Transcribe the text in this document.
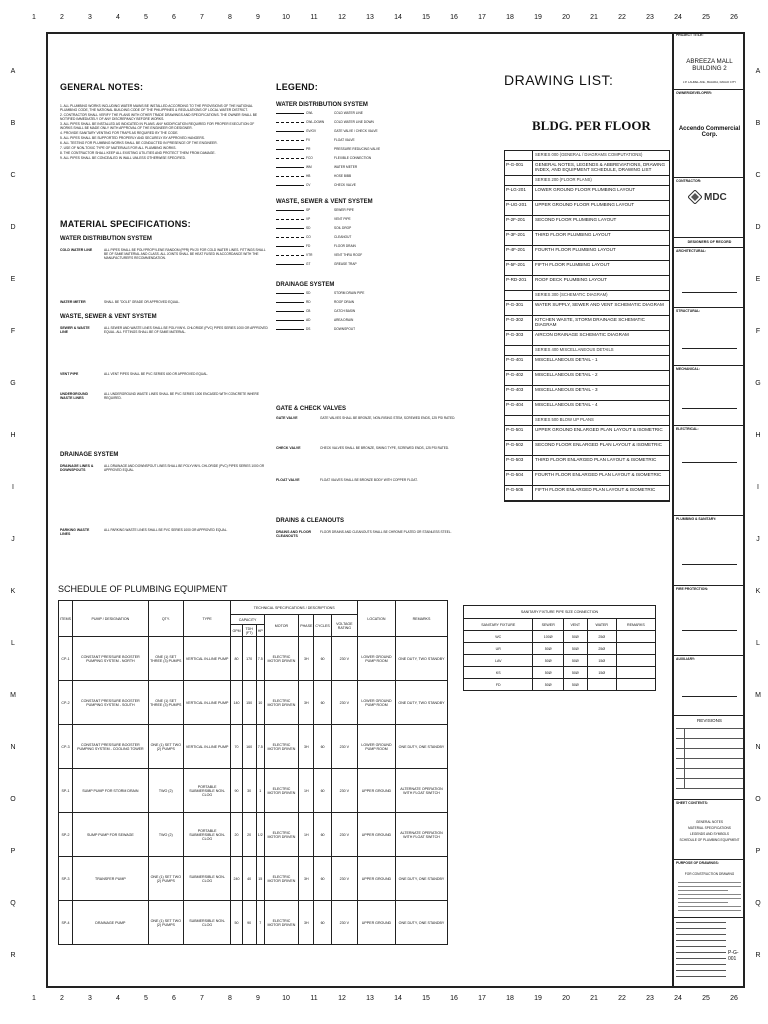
1	2	3	4	5	6	7	8	9	10	11	12	13	14	15	16	17	18	19	20	21	22	23	24	25	26
1	2	3	4	5	6	7	8	9	10	11	12	13	14	15	16	17	18	19	20	21	22	23	24	25	26
A
B
C
D
E
F
G
H
I
J
K
L
M
N
O
P
Q
R
A
B
C
D
E
F
G
H
I
J
K
L
M
N
O
P
Q
R
GENERAL NOTES:
1. ALL PLUMBING WORKS INCLUDING WATER MAINS BE INSTALLED ACCORDING TO THE PROVISIONS OF THE NATIONAL PLUMBING CODE, THE NATIONAL BUILDING CODE OF THE PHILIPPINES & REGULATIONS OF LOCAL WATER DISTRICT.
2. CONTRACTOR SHALL VERIFY THE PLANS WITH OTHER TRADE DRAWINGS AND SPECIFICATIONS. THE OWNER SHALL BE NOTIFIED IMMEDIATELY OF ANY DISCREPANCY BEFORE WORKS.
3. ALL PIPES SHALL BE INSTALLED AS INDICATED IN PLANS. ANY MODIFICATION REQUIRED FOR PROPER EXECUTION OF WORKS SHALL BE MADE ONLY WITH APPROVAL OF THE ENGINEER OR DESIGNER.
4. PROVIDE SANITARY VENTING FOR TRAPS AS REQUIRED BY THE CODE.
5. ALL PIPES SHALL BE SUPPORTED PROPERLY AND SECURELY BY APPROVED HANGERS.
6. ALL TESTING FOR PLUMBING WORKS SHALL BE CONDUCTED IN PRESENCE OF THE ENGINEER.
7. USE OF NON-TOXIC TYPE OF MATERIALS FOR ALL PLUMBING WORKS.
8. THE CONTRACTOR SHALL KEEP ALL EXISTING UTILITIES AND PROTECT THEM FROM DAMAGE.
9. ALL PIPES SHALL BE CONCEALED IN WALL UNLESS OTHERWISE SPECIFIED.
MATERIAL SPECIFICATIONS:
WATER DISTRIBUTION SYSTEM
COLD WATER LINE	ALL PIPES SHALL BE POLYPROPYLENE RANDOM (PPR) PN 20 FOR COLD WATER LINES. FITTINGS SHALL BE OF SAME MATERIAL AND CLASS. ALL JOINTS SHALL BE HEAT FUSED IN ACCORDANCE WITH THE MANUFACTURER'S RECOMMENDATION.
WATER METER	SHALL BE "DOLE" GRADE OR APPROVED EQUAL.
WASTE, SEWER & VENT SYSTEM
SEWER & WASTE LINE
ALL SEWER AND WASTE LINES SHALL BE POLYVINYL CHLORIDE (PVC) PIPES SERIES 1000 OR APPROVED EQUAL. ALL FITTINGS SHALL BE OF SAME MATERIAL.
VENT PIPE	ALL VENT PIPES SHALL BE PVC SERIES 600 OR APPROVED EQUAL.
UNDERGROUND WASTE LINES
ALL UNDERGROUND WASTE LINES SHALL BE PVC SERIES 1000 ENCASED WITH CONCRETE WHERE REQUIRED.
DRAINAGE SYSTEM
DRAINAGE LINES & DOWNSPOUTS
ALL DRAINAGE AND DOWNSPOUT LINES SHALL BE POLYVINYL CHLORIDE (PVC) PIPES SERIES 1000 OR APPROVED EQUAL.
PARKING WASTE LINES
ALL PARKING WASTE LINES SHALL BE PVC SERIES 1000 OR APPROVED EQUAL.
LEGEND:
WATER DISTRIBUTION SYSTEM
CWL	COLD WATER LINE
CWL-DOWN	COLD WATER LINE DOWN
GV/GV	GATE VALVE / CHECK VALVE
FV	FLOAT VALVE
PR	PRESSURE REDUCING VALVE
FCO	FLEXIBLE CONNECTION
WM	WATER METER
HB	HOSE BIBB
CV	CHECK VALVE
WASTE, SEWER & VENT SYSTEM
SP	SEWER PIPE
VP	VENT PIPE
SD	SOIL DROP
CO	CLEANOUT
FD	FLOOR DRAIN
VTR	VENT THRU ROOF
GT	GREASE TRAP
DRAINAGE SYSTEM
SD	STORM DRAIN PIPE
RD	ROOF DRAIN
CB	CATCH BASIN
AD	AREA DRAIN
DS	DOWNSPOUT
GATE & CHECK VALVES
GATE VALVE	GATE VALVES SHALL BE BRONZE, NON-RISING STEM, SCREWED ENDS, 125 PSI RATED.
CHECK VALVE	CHECK VALVES SHALL BE BRONZE, SWING TYPE, SCREWED ENDS, 125 PSI RATED.
FLOAT VALVE	FLOAT VALVES SHALL BE BRONZE BODY WITH COPPER FLOAT.
DRAINS & CLEANOUTS
DRAINS AND FLOOR CLEANOUTS
FLOOR DRAINS AND CLEANOUTS SHALL BE CHROME PLATED OR STAINLESS STEEL.
DRAWING LIST:
BLDG. PER FLOOR
SERIES 000 (GENERAL / DIAGRAMS COMPUTATIONS)
P-G-001	GENERAL NOTES, LEGENDS & ABBREVIATIONS, DRAWING INDEX, AND EQUIPMENT SCHEDULE, DRAWING LIST
SERIES 200 (FLOOR PLANS)
P-LG-201	LOWER GROUND FLOOR PLUMBING LAYOUT
P-UG-201	UPPER GROUND FLOOR PLUMBING LAYOUT
P-2F-201	SECOND FLOOR PLUMBING LAYOUT
P-3F-201	THIRD FLOOR PLUMBING LAYOUT
P-4F-201	FOURTH FLOOR PLUMBING LAYOUT
P-5F-201	FIFTH FLOOR PLUMBING LAYOUT
P-RD-201	ROOF DECK PLUMBING LAYOUT
SERIES 300 (SCHEMATIC DIAGRAM)
P-G-301	WATER SUPPLY, SEWER AND VENT SCHEMATIC DIAGRAM
P-G-302	KITCHEN WASTE, STORM DRAINAGE SCHEMATIC DIAGRAM
P-G-303	AIRCON DRAINAGE SCHEMATIC DIAGRAM
SERIES 400 MISCELLANEOUS DETAILS
P-G-401	MISCELLANEOUS DETAIL - 1
P-G-402	MISCELLANEOUS DETAIL - 2
P-G-403	MISCELLANEOUS DETAIL - 3
P-G-404	MISCELLANEOUS DETAIL - 4
SERIES 500 BLOW UP PLANS
P-G-501	UPPER GROUND ENLARGED PLAN LAYOUT & ISOMETRIC
P-G-502	SECOND FLOOR ENLARGED PLAN LAYOUT & ISOMETRIC
P-G-503	THIRD FLOOR ENLARGED PLAN LAYOUT & ISOMETRIC
P-G-504	FOURTH FLOOR ENLARGED PLAN LAYOUT & ISOMETRIC
P-G-505	FIFTH FLOOR ENLARGED PLAN LAYOUT & ISOMETRIC
SCHEDULE OF PLUMBING EQUIPMENT
ITEMS	PUMP / DESIGNATION	QTY.	TYPE	TECHNICAL SPECIFICATIONS / DESCRIPTIONS							LOCATION	REMARKS
				CAPACITY			MOTOR	PHASE	CYCLES	VOLTAGE RATING		
				GPM	TDH (FT)	HP						
CP-1	CONSTANT PRESSURE BOOSTER PUMPING SYSTEM - NORTH	ONE (1) SET THREE (3) PUMPS	VERTICAL IN-LINE PUMP	80	170	7.5	ELECTRIC MOTOR DRIVEN	3H	60	230 V	LOWER GROUND PUMP ROOM	ONE DUTY, TWO STANDBY
CP-2	CONSTANT PRESSURE BOOSTER PUMPING SYSTEM - SOUTH	ONE (1) SET THREE (3) PUMPS	VERTICAL IN-LINE PUMP	140	150	10	ELECTRIC MOTOR DRIVEN	3H	60	230 V	LOWER GROUND PUMP ROOM	ONE DUTY, TWO STANDBY
CP-3	CONSTANT PRESSURE BOOSTER PUMPING SYSTEM - COOLING TOWER	ONE (1) SET TWO (2) PUMPS	VERTICAL IN-LINE PUMP	70	160	7.5	ELECTRIC MOTOR DRIVEN	3H	60	230 V	LOWER GROUND PUMP ROOM	ONE DUTY, ONE STANDBY
SP-1	SUMP PUMP FOR STORM DRAIN	TWO (2)	PORTABLE SUBMERSIBLE NON-CLOG	90	30	1	ELECTRIC MOTOR DRIVEN	1H	60	230 V	UPPER GROUND	ALTERNATE OPERATION WITH FLOAT SWITCH
SP-2	SUMP PUMP FOR SEWAGE	TWO (2)	PORTABLE SUBMERSIBLE NON-CLOG	20	20	1/2	ELECTRIC MOTOR DRIVEN	1H	60	230 V	UPPER GROUND	ALTERNATE OPERATION WITH FLOAT SWITCH
SP-3	TRANSFER PUMP	ONE (1) SET TWO (2) PUMPS	SUBMERSIBLE NON-CLOG	240	40	15	ELECTRIC MOTOR DRIVEN	3H	60	230 V	UPPER GROUND	ONE DUTY, ONE STANDBY
SP-4	DRAINAGE PUMP	ONE (1) SET TWO (2) PUMPS	SUBMERSIBLE NON-CLOG	50	90	7	ELECTRIC MOTOR DRIVEN	3H	60	230 V	UPPER GROUND	ONE DUTY, ONE STANDBY
SANITARY FIXTURE PIPE SIZE CONNECTION				
SANITARY FIXTURE	SEWER	VENT	WATER	REMARKS
WC	100Ø	50Ø	25Ø	
UR	50Ø	50Ø	25Ø	
LAV	50Ø	50Ø	15Ø	
KS	50Ø	50Ø	15Ø	
FD	50Ø	50Ø		
PROJECT TITLE:
ABREEZA MALL BUILDING 2
J.P. LAUREL AVE., BAJADA, DAVAO CITY
OWNER/DEVELOPER:
Accendo Commercial Corp.
CONTRACTOR:
MDC
DESIGNERS OF RECORD
ARCHITECTURAL:
STRUCTURAL:
MECHANICAL:
ELECTRICAL:
PLUMBING & SANITARY:
FIRE PROTECTION:
AUXILIARY:
REVISIONS
SHEET CONTENTS:
GENERAL NOTES
MATERIAL SPECIFICATIONS
LEGENDS AND SYMBOLS
SCHEDULE OF PLUMBING EQUIPMENT
PURPOSE OF DRAWINGS:
FOR CONSTRUCTION DRAWING
P-G-001
